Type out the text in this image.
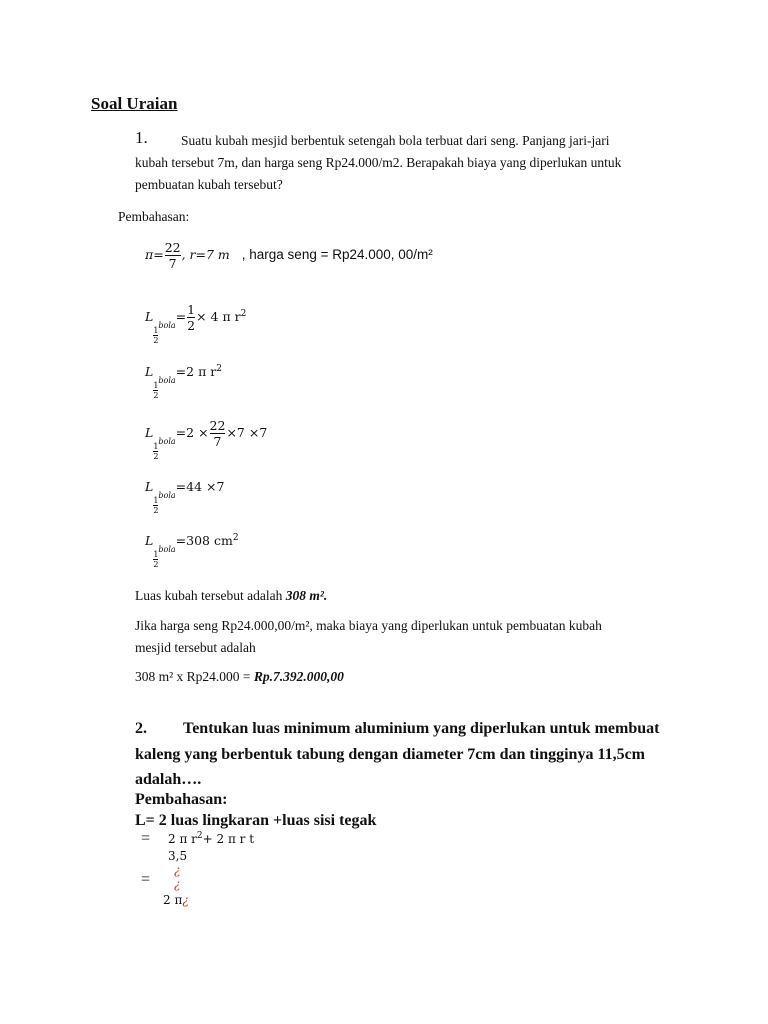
Soal Uraian
1. Suatu kubah mesjid berbentuk setengah bola terbuat dari seng. Panjang jari-jari
kubah tersebut 7m, dan harga seng Rp24.000/m2. Berapakah biaya yang diperlukan untuk
pembuatan kubah tersebut?
Pembahasan:
$\pi= \frac{22}{7}$ , r=7 m , harga seng = Rp24.000, 00/m²
L
$\frac{1}{2}$
bola= $\frac{1}{2} \times 4$ π $r^2$
L
$\frac{1}{2}$
bola=2 π $r^2$
L
$\frac{1}{2}$
bola=2 × $\frac{22}{7} \times 7 \times 7$
L
$\frac{1}{2}$
bola=44 ×7
L
$\frac{1}{2}$
bola=308 $cm^2$
Luas kubah tersebut adalah 308 m².
Jika harga seng Rp24.000,00/m², maka biaya yang diperlukan untuk pembuatan kubah
mesjid tersebut adalah
308 m² x Rp24.000 = Rp.7.392.000,00
2. Tentukan luas minimum aluminium yang diperlukan untuk membuat
kaleng yang berbentuk tabung dengan diameter 7cm dan tingginya 11,5cm
adalah….
Pembahasan:
L= 2 luas lingkaran +luas sisi tegak
= 2 π $r^2+ 2$ π r t
3,5
¿
= ¿
2 π¿
